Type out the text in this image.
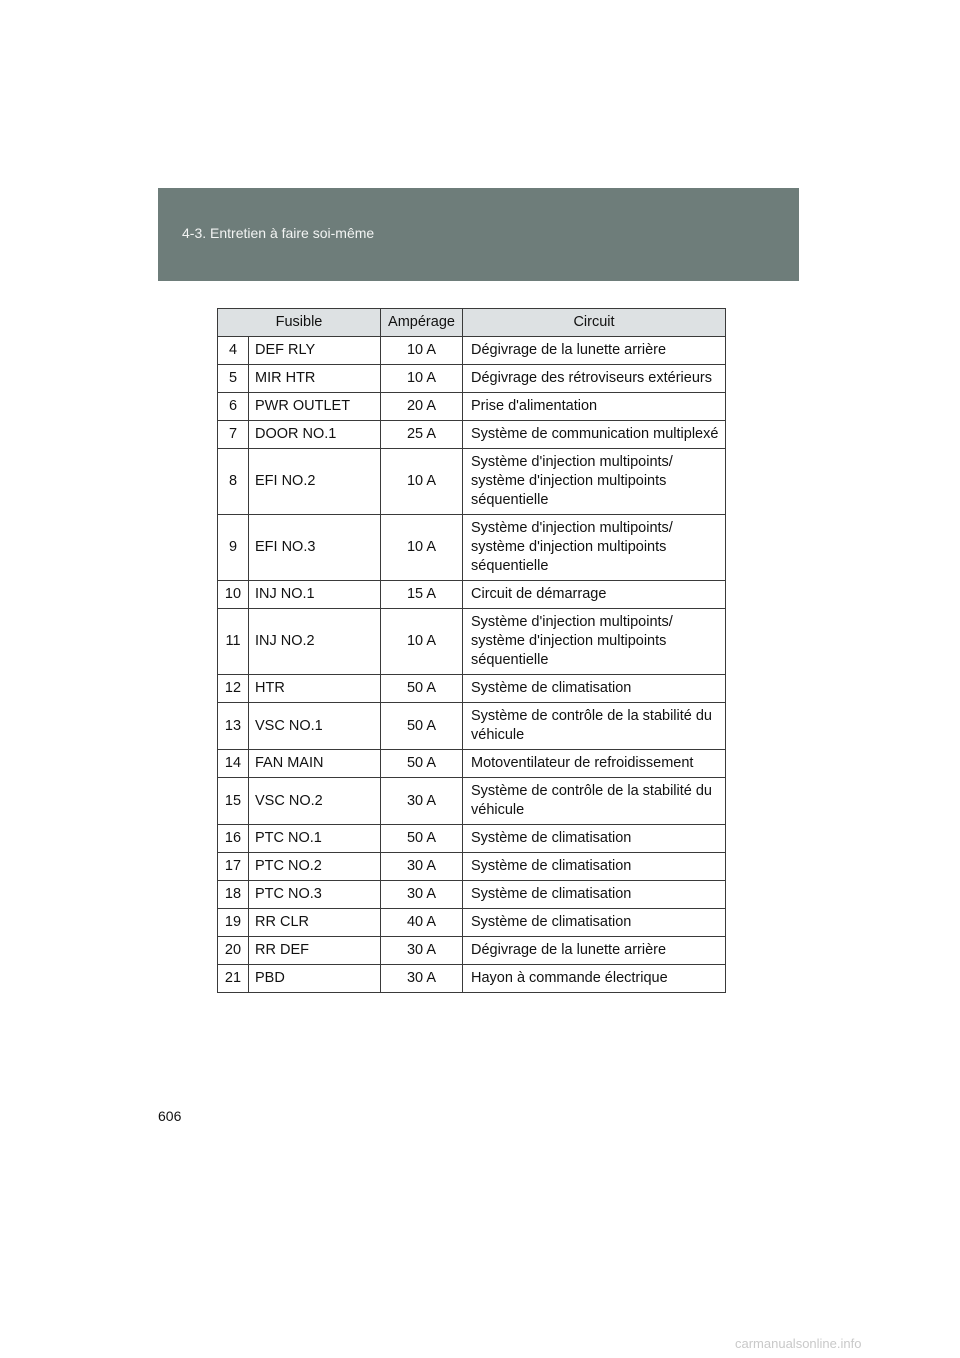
4-3. Entretien à faire soi-même
Fusible		Ampérage	Circuit
4	DEF RLY	10 A	Dégivrage de la lunette arrière
5	MIR HTR	10 A	Dégivrage des rétroviseurs extérieurs
6	PWR OUTLET	20 A	Prise d'alimentation
7	DOOR NO.1	25 A	Système de communication multiplexé
8	EFI NO.2	10 A	Système d'injection multipoints/ système d'injection multipoints séquentielle
9	EFI NO.3	10 A	Système d'injection multipoints/ système d'injection multipoints séquentielle
10	INJ NO.1	15 A	Circuit de démarrage
11	INJ NO.2	10 A	Système d'injection multipoints/ système d'injection multipoints séquentielle
12	HTR	50 A	Système de climatisation
13	VSC NO.1	50 A	Système de contrôle de la stabilité du véhicule
14	FAN MAIN	50 A	Motoventilateur de refroidissement
15	VSC NO.2	30 A	Système de contrôle de la stabilité du véhicule
16	PTC NO.1	50 A	Système de climatisation
17	PTC NO.2	30 A	Système de climatisation
18	PTC NO.3	30 A	Système de climatisation
19	RR CLR	40 A	Système de climatisation
20	RR DEF	30 A	Dégivrage de la lunette arrière
21	PBD	30 A	Hayon à commande électrique
606
carmanualsonline.info
